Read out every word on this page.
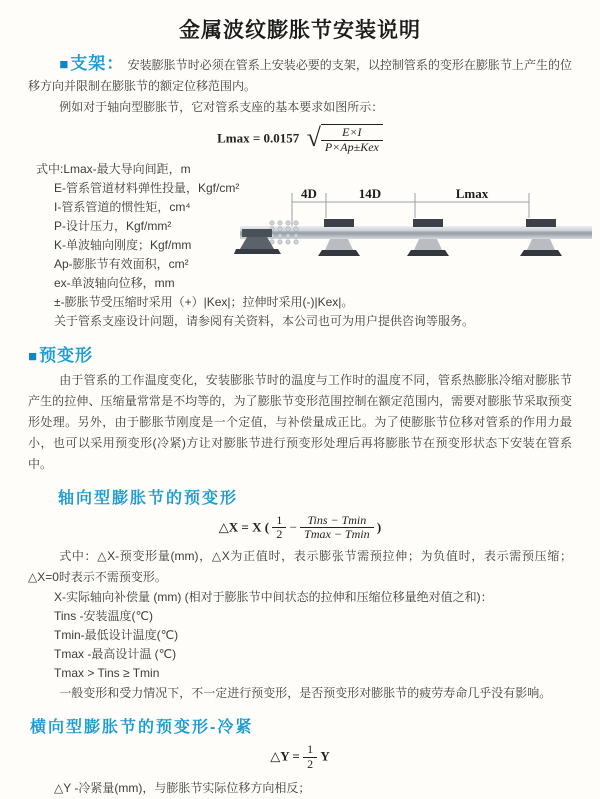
金属波纹膨胀节安装说明

■支架： 安装膨胀节时必须在管系上安装必要的支架，以控制管系的变形在膨胀节上产生的位移方向并限制在膨胀节的额定位移范围内。

例如对于轴向型膨胀节，它对管系支座的基本要求如图所示：

Lmax = 0.0157 √ $\frac{E\times I}{\text{P×Ap±Kex}}$

式中:Lmax-最大导向间距，m

E-管系管道材料弹性投量，Kgf/cm²

I-管系管道的惯性矩，cm⁴

P-设计压力，Kgf/mm²

K-单波轴向刚度；Kgf/mm

Ap-膨胀节有效面积，cm²

ex-单波轴向位移，mm

±-膨胀节受压缩时采用（+）|Kex|；拉伸时采用(-)|Kex|。

关于管系支座设计问题，请参阅有关资料，本公司也可为用户提供咨询等服务。

4D	14D	Lmax
■预变形

由于管系的工作温度变化，安装膨胀节时的温度与工作时的温度不同，管系热膨胀冷缩对膨胀节产生的拉伸、压缩量常常是不均等的，为了膨胀节变形范围控制在额定范围内，需要对膨胀节采取预变形处理。另外，由于膨胀节刚度是一个定值，与补偿量成正比。为了使膨胀节位移对管系的作用力最小，也可以采用预变形(冷紧)方让对膨胀节进行预变形处理后再将膨胀节在预变形状态下安装在管系中。

轴向型膨胀节的预变形
△X = X ( $\frac{1}{2} - \frac{\text{Tins − Tmin}}{Tmax - Tmin}$ )

式中：△X-预变形量(mm)，△X为正值时，表示膨张节需预拉伸；为负值时，表示需预压缩；△X=0时表示不需预变形。

X-实际轴向补偿量 (mm) (相对于膨胀节中间状态的拉伸和压缩位移量绝对值之和)：

Tins -安装温度(℃)

Tmin-最低设计温度(℃)

Tmax -最高设计温 (℃)

Tmax > Tins ≥ Tmin

一般变形和受力情况下，不一定进行预变形，是否预变形对膨胀节的疲劳寿命几乎没有影响。

横向型膨胀节的预变形-冷紧
△Y = $\frac{1}{2}$ Y

△Y -冷紧量(mm)，与膨胀节实际位移方向相反；
